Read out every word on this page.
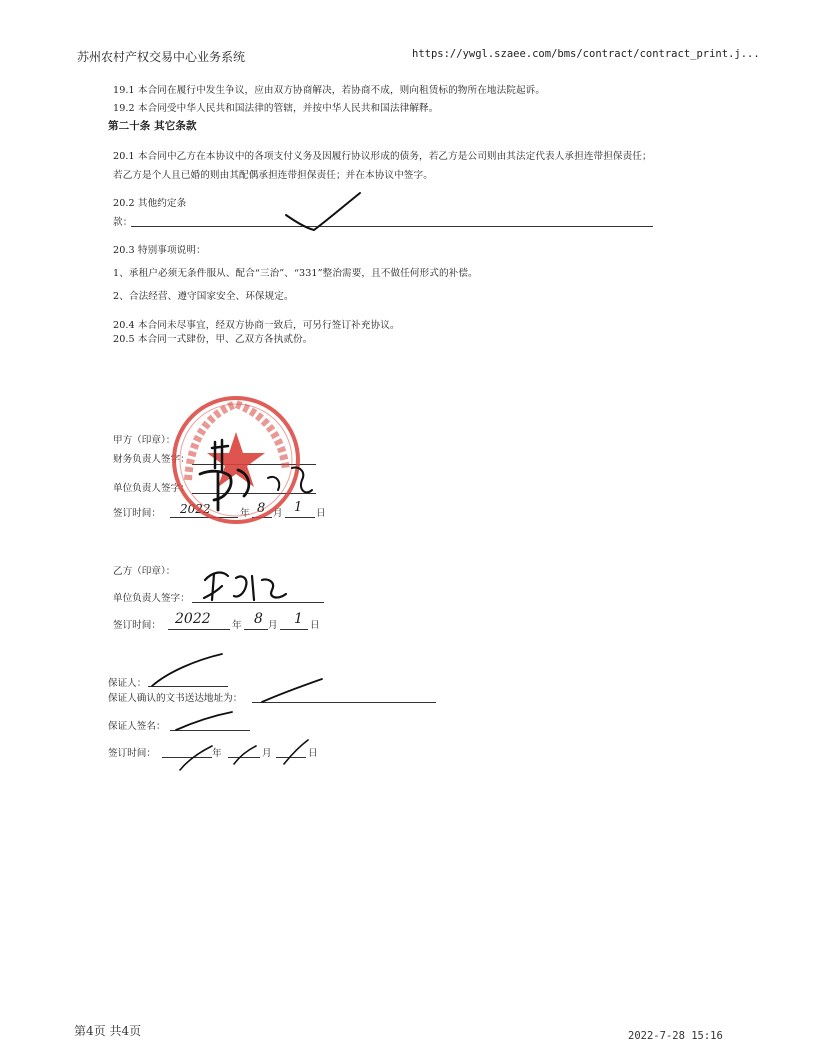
苏州农村产权交易中心业务系统	https://ywgl.szaee.com/bms/contract/contract_print.j...
19.1 本合同在履行中发生争议，应由双方协商解决，若协商不成，则向租赁标的物所在地法院起诉。
19.2 本合同受中华人民共和国法律的管辖，并按中华人民共和国法律解释。
第二十条 其它条款
20.1 本合同中乙方在本协议中的各项支付义务及因履行协议形成的债务，若乙方是公司则由其法定代表人承担连带担保责任；
若乙方是个人且已婚的则由其配偶承担连带担保责任；并在本协议中签字。
20.2 其他约定条
款：
20.3 特别事项说明：
1、承租户必须无条件服从、配合“三治”、“331”整治需要，且不做任何形式的补偿。
2、合法经营、遵守国家安全、环保规定。
20.4 本合同未尽事宜，经双方协商一致后，可另行签订补充协议。
20.5 本合同一式肆份，甲、乙双方各执贰份。
甲方（印章）：
财务负责人签字：
单位负责人签字：
签订时间： 2022	年 8 月 1 日
乙方（印章）：
单位负责人签字：
签订时间： 2022 年 8 月 1 日
保证人：
保证人确认的文书送达地址为：
保证人签名：
签订时间：	年	月	日
第4页 共4页	2022-7-28 15:16
